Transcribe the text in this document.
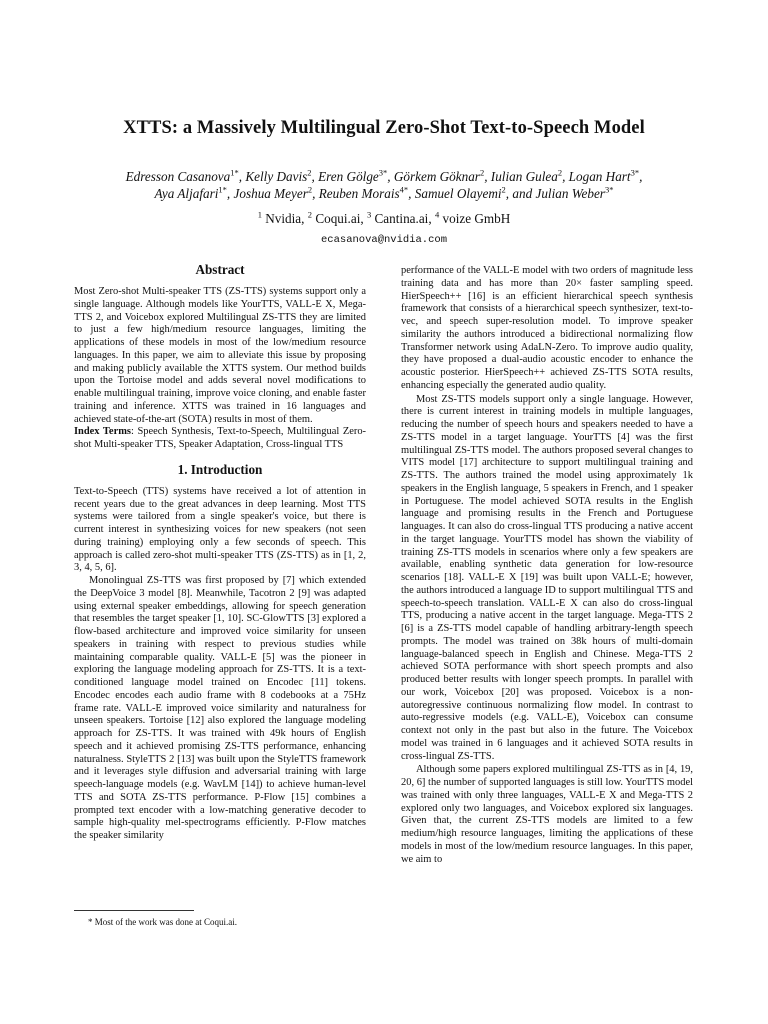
XTTS: a Massively Multilingual Zero-Shot Text-to-Speech Model
Edresson Casanova$^{1*}$, Kelly Davis$^2$, Eren Gölge$^{3*}$, Görkem Göknar$^2$, Iulian Gulea$^2$, Logan Hart$^{3*}$,
Aya Aljafari$^{1*}$, Joshua Meyer$^2$, Reuben Morais$^{4*}$, Samuel Olayemi$^2$, and Julian Weber$^{3*}$
$^1$ Nvidia, $^2$ Coqui.ai, $^3$ Cantina.ai, $^4$ voize GmbH
ecasanova@nvidia.com
Abstract

Most Zero-shot Multi-speaker TTS (ZS-TTS) systems support only a single language. Although models like YourTTS, VALL-E X, Mega-TTS 2, and Voicebox explored Multilingual ZS-TTS they are limited to just a few high/medium resource languages, limiting the applications of these models in most of the low/medium resource languages. In this paper, we aim to alleviate this issue by proposing and making publicly available the XTTS system. Our method builds upon the Tortoise model and adds several novel modifications to enable multilingual training, improve voice cloning, and enable faster training and inference. XTTS was trained in 16 languages and achieved state-of-the-art (SOTA) results in most of them.

Index Terms: Speech Synthesis, Text-to-Speech, Multilingual Zero-shot Multi-speaker TTS, Speaker Adaptation, Cross-lingual TTS

1. Introduction

Text-to-Speech (TTS) systems have received a lot of attention in recent years due to the great advances in deep learning. Most TTS systems were tailored from a single speaker's voice, but there is current interest in synthesizing voices for new speakers (not seen during training) employing only a few seconds of speech. This approach is called zero-shot multi-speaker TTS (ZS-TTS) as in [1, 2, 3, 4, 5, 6].

Monolingual ZS-TTS was first proposed by [7] which extended the DeepVoice 3 model [8]. Meanwhile, Tacotron 2 [9] was adapted using external speaker embeddings, allowing for speech generation that resembles the target speaker [1, 10]. SC-GlowTTS [3] explored a flow-based architecture and improved voice similarity for unseen speakers in training with respect to previous studies while maintaining comparable quality. VALL-E [5] was the pioneer in exploring the language modeling approach for ZS-TTS. It is a text-conditioned language model trained on Encodec [11] tokens. Encodec encodes each audio frame with 8 codebooks at a 75Hz frame rate. VALL-E improved voice similarity and naturalness for unseen speakers. Tortoise [12] also explored the language modeling approach for ZS-TTS. It was trained with 49k hours of English speech and it achieved promising ZS-TTS performance, enhancing naturalness. StyleTTS 2 [13] was built upon the StyleTTS framework and it leverages style diffusion and adversarial training with large speech-language models (e.g. WavLM [14]) to achieve human-level TTS and SOTA ZS-TTS performance. P-Flow [15] combines a prompted text encoder with a low-matching generative decoder to sample high-quality mel-spectrograms efficiently. P-Flow matches the speaker similarity

performance of the VALL-E model with two orders of magnitude less training data and has more than 20× faster sampling speed. HierSpeech++ [16] is an efficient hierarchical speech synthesis framework that consists of a hierarchical speech synthesizer, text-to-vec, and speech super-resolution model. To improve speaker similarity the authors introduced a bidirectional normalizing flow Transformer network using AdaLN-Zero. To improve audio quality, they have proposed a dual-audio acoustic encoder to enhance the acoustic posterior. HierSpeech++ achieved ZS-TTS SOTA results, enhancing especially the generated audio quality.

Most ZS-TTS models support only a single language. However, there is current interest in training models in multiple languages, reducing the number of speech hours and speakers needed to have a ZS-TTS model in a target language. YourTTS [4] was the first multilingual ZS-TTS model. The authors proposed several changes to VITS model [17] architecture to support multilingual training and ZS-TTS. The authors trained the model using approximately 1k speakers in the English language, 5 speakers in French, and 1 speaker in Portuguese. The model achieved SOTA results in the English language and promising results in the French and Portuguese languages. It can also do cross-lingual TTS producing a native accent in the target language. YourTTS model has shown the viability of training ZS-TTS models in scenarios where only a few speakers are available, enabling synthetic data generation for low-resource scenarios [18]. VALL-E X [19] was built upon VALL-E; however, the authors introduced a language ID to support multilingual TTS and speech-to-speech translation. VALL-E X can also do cross-lingual TTS, producing a native accent in the target language. Mega-TTS 2 [6] is a ZS-TTS model capable of handling arbitrary-length speech prompts. The model was trained on 38k hours of multi-domain language-balanced speech in English and Chinese. Mega-TTS 2 achieved SOTA performance with short speech prompts and also produced better results with longer speech prompts. In parallel with our work, Voicebox [20] was proposed. Voicebox is a non-autoregressive continuous normalizing flow model. In contrast to auto-regressive models (e.g. VALL-E), Voicebox can consume context not only in the past but also in the future. The Voicebox model was trained in 6 languages and it achieved SOTA results in cross-lingual ZS-TTS.

Although some papers explored multilingual ZS-TTS as in [4, 19, 20, 6] the number of supported languages is still low. YourTTS model was trained with only three languages, VALL-E X and Mega-TTS 2 explored only two languages, and Voicebox explored six languages. Given that, the current ZS-TTS models are limited to a few medium/high resource languages, limiting the applications of these models in most of the low/medium resource languages. In this paper, we aim to

* Most of the work was done at Coqui.ai.
